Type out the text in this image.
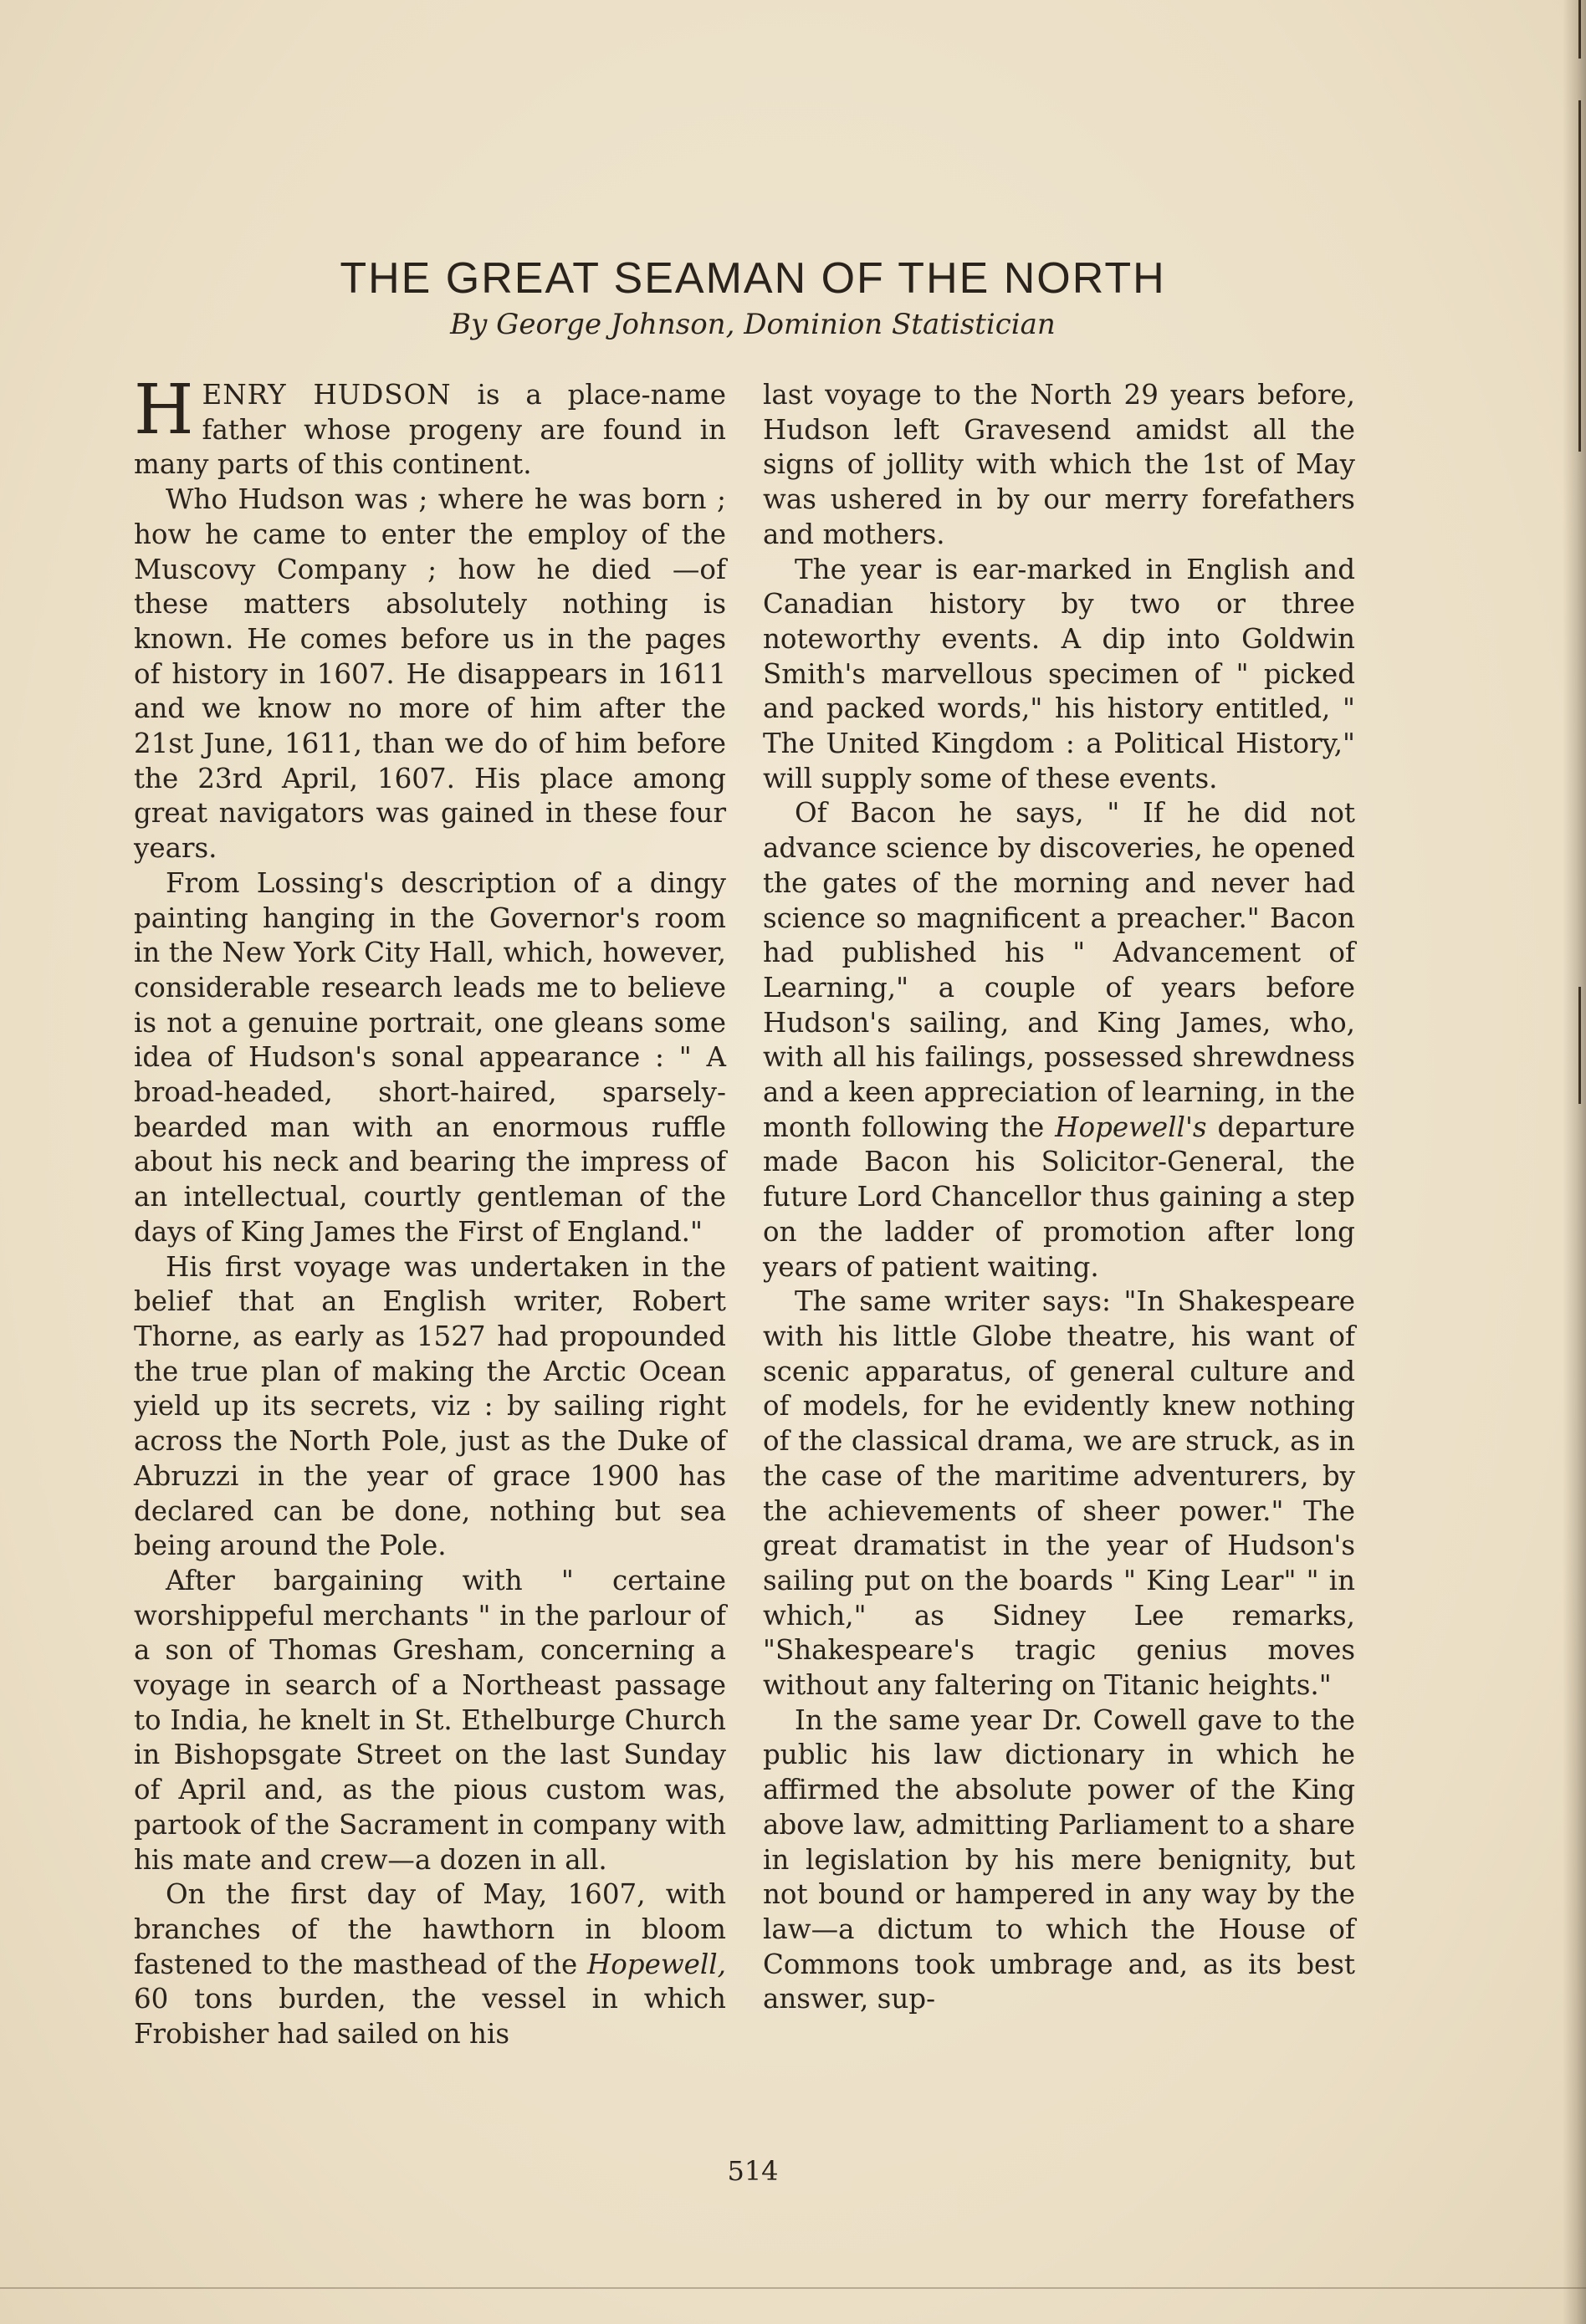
THE GREAT SEAMAN OF THE NORTH
By George Johnson, Dominion Statistician

HENRY HUDSON is a place-name father whose progeny are found in many parts of this continent.

Who Hudson was ; where he was born ; how he came to enter the employ of the Muscovy Company ; how he died —of these matters absolutely nothing is known. He comes before us in the pages of history in 1607. He disappears in 1611 and we know no more of him after the 21st June, 1611, than we do of him before the 23rd April, 1607. His place among great navigators was gained in these four years.

From Lossing's description of a dingy painting hanging in the Governor's room in the New York City Hall, which, however, considerable research leads me to believe is not a genuine portrait, one gleans some idea of Hudson's sonal appearance : " A broad-headed, short-haired, sparsely-bearded man with an enormous ruffle about his neck and bearing the impress of an intellectual, courtly gentleman of the days of King James the First of England."

His first voyage was undertaken in the belief that an English writer, Robert Thorne, as early as 1527 had propounded the true plan of making the Arctic Ocean yield up its secrets, viz : by sailing right across the North Pole, just as the Duke of Abruzzi in the year of grace 1900 has declared can be done, nothing but sea being around the Pole.

After bargaining with " certaine worshippeful merchants " in the parlour of a son of Thomas Gresham, concerning a voyage in search of a Northeast passage to India, he knelt in St. Ethelburge Church in Bishopsgate Street on the last Sunday of April and, as the pious custom was, partook of the Sacrament in company with his mate and crew—a dozen in all.

On the first day of May, 1607, with branches of the hawthorn in bloom fastened to the masthead of the Hopewell, 60 tons burden, the vessel in which Frobisher had sailed on his

last voyage to the North 29 years before, Hudson left Gravesend amidst all the signs of jollity with which the 1st of May was ushered in by our merry forefathers and mothers.

The year is ear-marked in English and Canadian history by two or three noteworthy events. A dip into Goldwin Smith's marvellous specimen of " picked and packed words," his history entitled, " The United Kingdom : a Political History," will supply some of these events.

Of Bacon he says, " If he did not advance science by discoveries, he opened the gates of the morning and never had science so magnificent a preacher." Bacon had published his " Advancement of Learning," a couple of years before Hudson's sailing, and King James, who, with all his failings, possessed shrewdness and a keen appreciation of learning, in the month following the Hopewell's departure made Bacon his Solicitor-General, the future Lord Chancellor thus gaining a step on the ladder of promotion after long years of patient waiting.

The same writer says: "In Shakespeare with his little Globe theatre, his want of scenic apparatus, of general culture and of models, for he evidently knew nothing of the classical drama, we are struck, as in the case of the maritime adventurers, by the achievements of sheer power." The great dramatist in the year of Hudson's sailing put on the boards " King Lear" " in which," as Sidney Lee remarks, "Shakespeare's tragic genius moves without any faltering on Titanic heights."

In the same year Dr. Cowell gave to the public his law dictionary in which he affirmed the absolute power of the King above law, admitting Parliament to a share in legislation by his mere benignity, but not bound or hampered in any way by the law—a dictum to which the House of Commons took umbrage and, as its best answer, sup-

514
